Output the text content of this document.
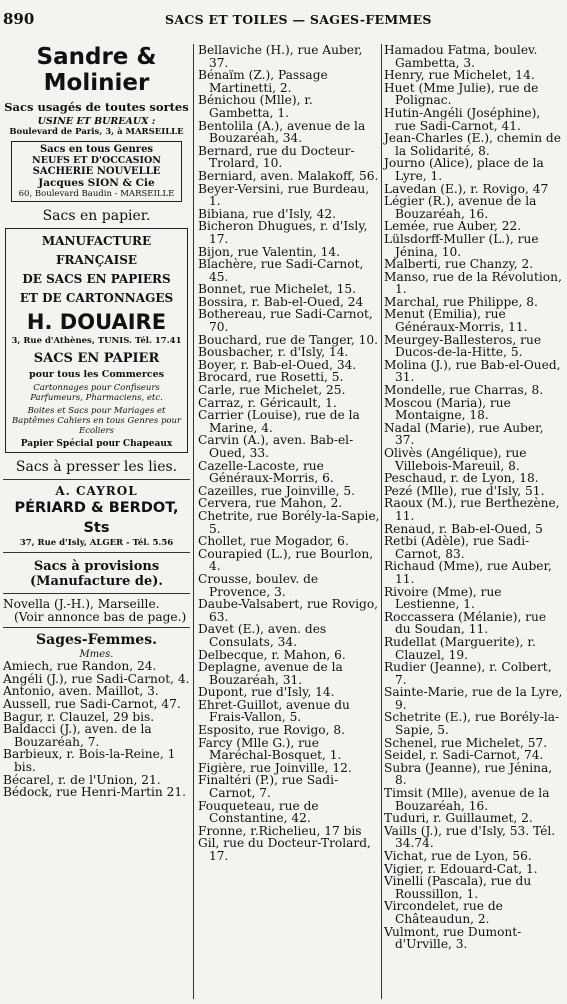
890	SACS ET TOILES — SAGES-FEMMES
Sandre & Molinier
Sacs usagés de toutes sortes
USINE ET BUREAUX :
Boulevard de Paris, 3, à MARSEILLE
Sacs en tous Genres
NEUFS ET D'OCCASION
SACHERIE NOUVELLE
Jacques SION & Cie
60, Boulevard Baudin - MARSEILLE
Sacs en papier.
MANUFACTURE FRANÇAISE
DE SACS EN PAPIERS
ET DE CARTONNAGES
H. DOUAIRE
3, Rue d'Athènes, TUNIS. Tél. 17.41
SACS EN PAPIER
pour tous les Commerces
Cartonnages pour Confiseurs Parfumeurs, Pharmaciens, etc.
Boites et Sacs pour Mariages et Baptêmes Cahiers en tous Genres pour Ecoliers
Papier Spécial pour Chapeaux
Sacs à presser les lies.
A. CAYROL
PÉRIARD & BERDOT, Sts
37, Rue d'Isly, ALGER - Tél. 5.56
Sacs à provisions (Manufacture de).

Novella (J.-H.), Marseille. (Voir annonce bas de page.)

Sages-Femmes.
Mmes.

Amiech, rue Randon, 24.

Angéli (J.), rue Sadi-Carnot, 4.

Antonio, aven. Maillot, 3.

Aussell, rue Sadi-Carnot, 47.

Bagur, r. Clauzel, 29 bis.

Baldacci (J.), aven. de la Bouzaréah, 7.

Barbieux, r. Bois-la-Reine, 1 bis.

Bécarel, r. de l'Union, 21.

Bédock, rue Henri-Martin 21.

Bellaviche (H.), rue Auber, 37.

Bénaïm (Z.), Passage Martinetti, 2.

Bénichou (Mlle), r. Gambetta, 1.

Bentolila (A.), avenue de la Bouzaréah, 34.

Bernard, rue du Docteur-Trolard, 10.

Berniard, aven. Malakoff, 56.

Beyer-Versini, rue Burdeau, 1.

Bibiana, rue d'Isly, 42.

Bicheron Dhugues, r. d'Isly, 17.

Bijon, rue Valentin, 14.

Blachère, rue Sadi-Carnot, 45.

Bonnet, rue Michelet, 15.

Bossira, r. Bab-el-Oued, 24

Bothereau, rue Sadi-Carnot, 70.

Bouchard, rue de Tanger, 10.

Bousbacher, r. d'Isly, 14.

Boyer, r. Bab-el-Oued, 34.

Brocard, rue Rosetti, 5.

Carle, rue Michelet, 25.

Carraz, r. Géricault, 1.

Carrier (Louise), rue de la Marine, 4.

Carvin (A.), aven. Bab-el-Oued, 33.

Cazelle-Lacoste, rue Généraux-Morris, 6.

Cazeilles, rue Joinville, 5.

Cervera, rue Mahon, 2.

Chetrite, rue Borély-la-Sapie, 5.

Chollet, rue Mogador, 6.

Courapied (L.), rue Bourlon, 4.

Crousse, boulev. de Provence, 3.

Daube-Valsabert, rue Rovigo, 63.

Davet (E.), aven. des Consulats, 34.

Delbecque, r. Mahon, 6.

Deplagne, avenue de la Bouzaréah, 31.

Dupont, rue d'Isly, 14.

Ehret-Guillot, avenue du Frais-Vallon, 5.

Esposito, rue Rovigo, 8.

Farcy (Mlle G.), rue Maréchal-Bosquet, 1.

Figière, rue Joinville, 12.

Finaltéri (P.), rue Sadi-Carnot, 7.

Fouqueteau, rue de Constantine, 42.

Fronne, r.Richelieu, 17 bis

Gil, rue du Docteur-Trolard, 17.

Hamadou Fatma, boulev. Gambetta, 3.

Henry, rue Michelet, 14.

Huet (Mme Julie), rue de Polignac.

Hutin-Angéli (Joséphine), rue Sadi-Carnot, 41.

Jean-Charles (E.), chemin de la Solidarité, 8.

Journo (Alice), place de la Lyre, 1.

Lavedan (E.), r. Rovigo, 47

Légier (R.), avenue de la Bouzaréah, 16.

Lemée, rue Auber, 22.

Lülsdorff-Muller (L.), rue Jénina, 10.

Malberti, rue Chanzy, 2.

Manso, rue de la Révolution, 1.

Marchal, rue Philippe, 8.

Menut (Emilia), rue Généraux-Morris, 11.

Meurgey-Ballesteros, rue Ducos-de-la-Hitte, 5.

Molina (J.), rue Bab-el-Oued, 31.

Mondelle, rue Charras, 8.

Moscou (Maria), rue Montaigne, 18.

Nadal (Marie), rue Auber, 37.

Olivès (Angélique), rue Villebois-Mareuil, 8.

Peschaud, r. de Lyon, 18.

Pezé (Mlle), rue d'Isly, 51.

Raoux (M.), rue Berthezène, 11.

Renaud, r. Bab-el-Oued, 5

Retbi (Adèle), rue Sadi-Carnot, 83.

Richaud (Mme), rue Auber, 11.

Rivoire (Mme), rue Lestienne, 1.

Roccassera (Mélanie), rue du Soudan, 11.

Rudellat (Marguerite), r. Clauzel, 19.

Rudier (Jeanne), r. Colbert, 7.

Sainte-Marie, rue de la Lyre, 9.

Schetrite (E.), rue Borély-la-Sapie, 5.

Schenel, rue Michelet, 57.

Seidel, r. Sadi-Carnot, 74.

Subra (Jeanne), rue Jénina, 8.

Timsit (Mlle), avenue de la Bouzaréah, 16.

Tuduri, r. Guillaumet, 2.

Vaills (J.), rue d'Isly, 53. Tél. 34.74.

Vichat, rue de Lyon, 56.

Vigier, r. Edouard-Cat, 1.

Vinelli (Pascala), rue du Roussillon, 1.

Vircondelet, rue de Châteaudun, 2.

Vulmont, rue Dumont-d'Urville, 3.
